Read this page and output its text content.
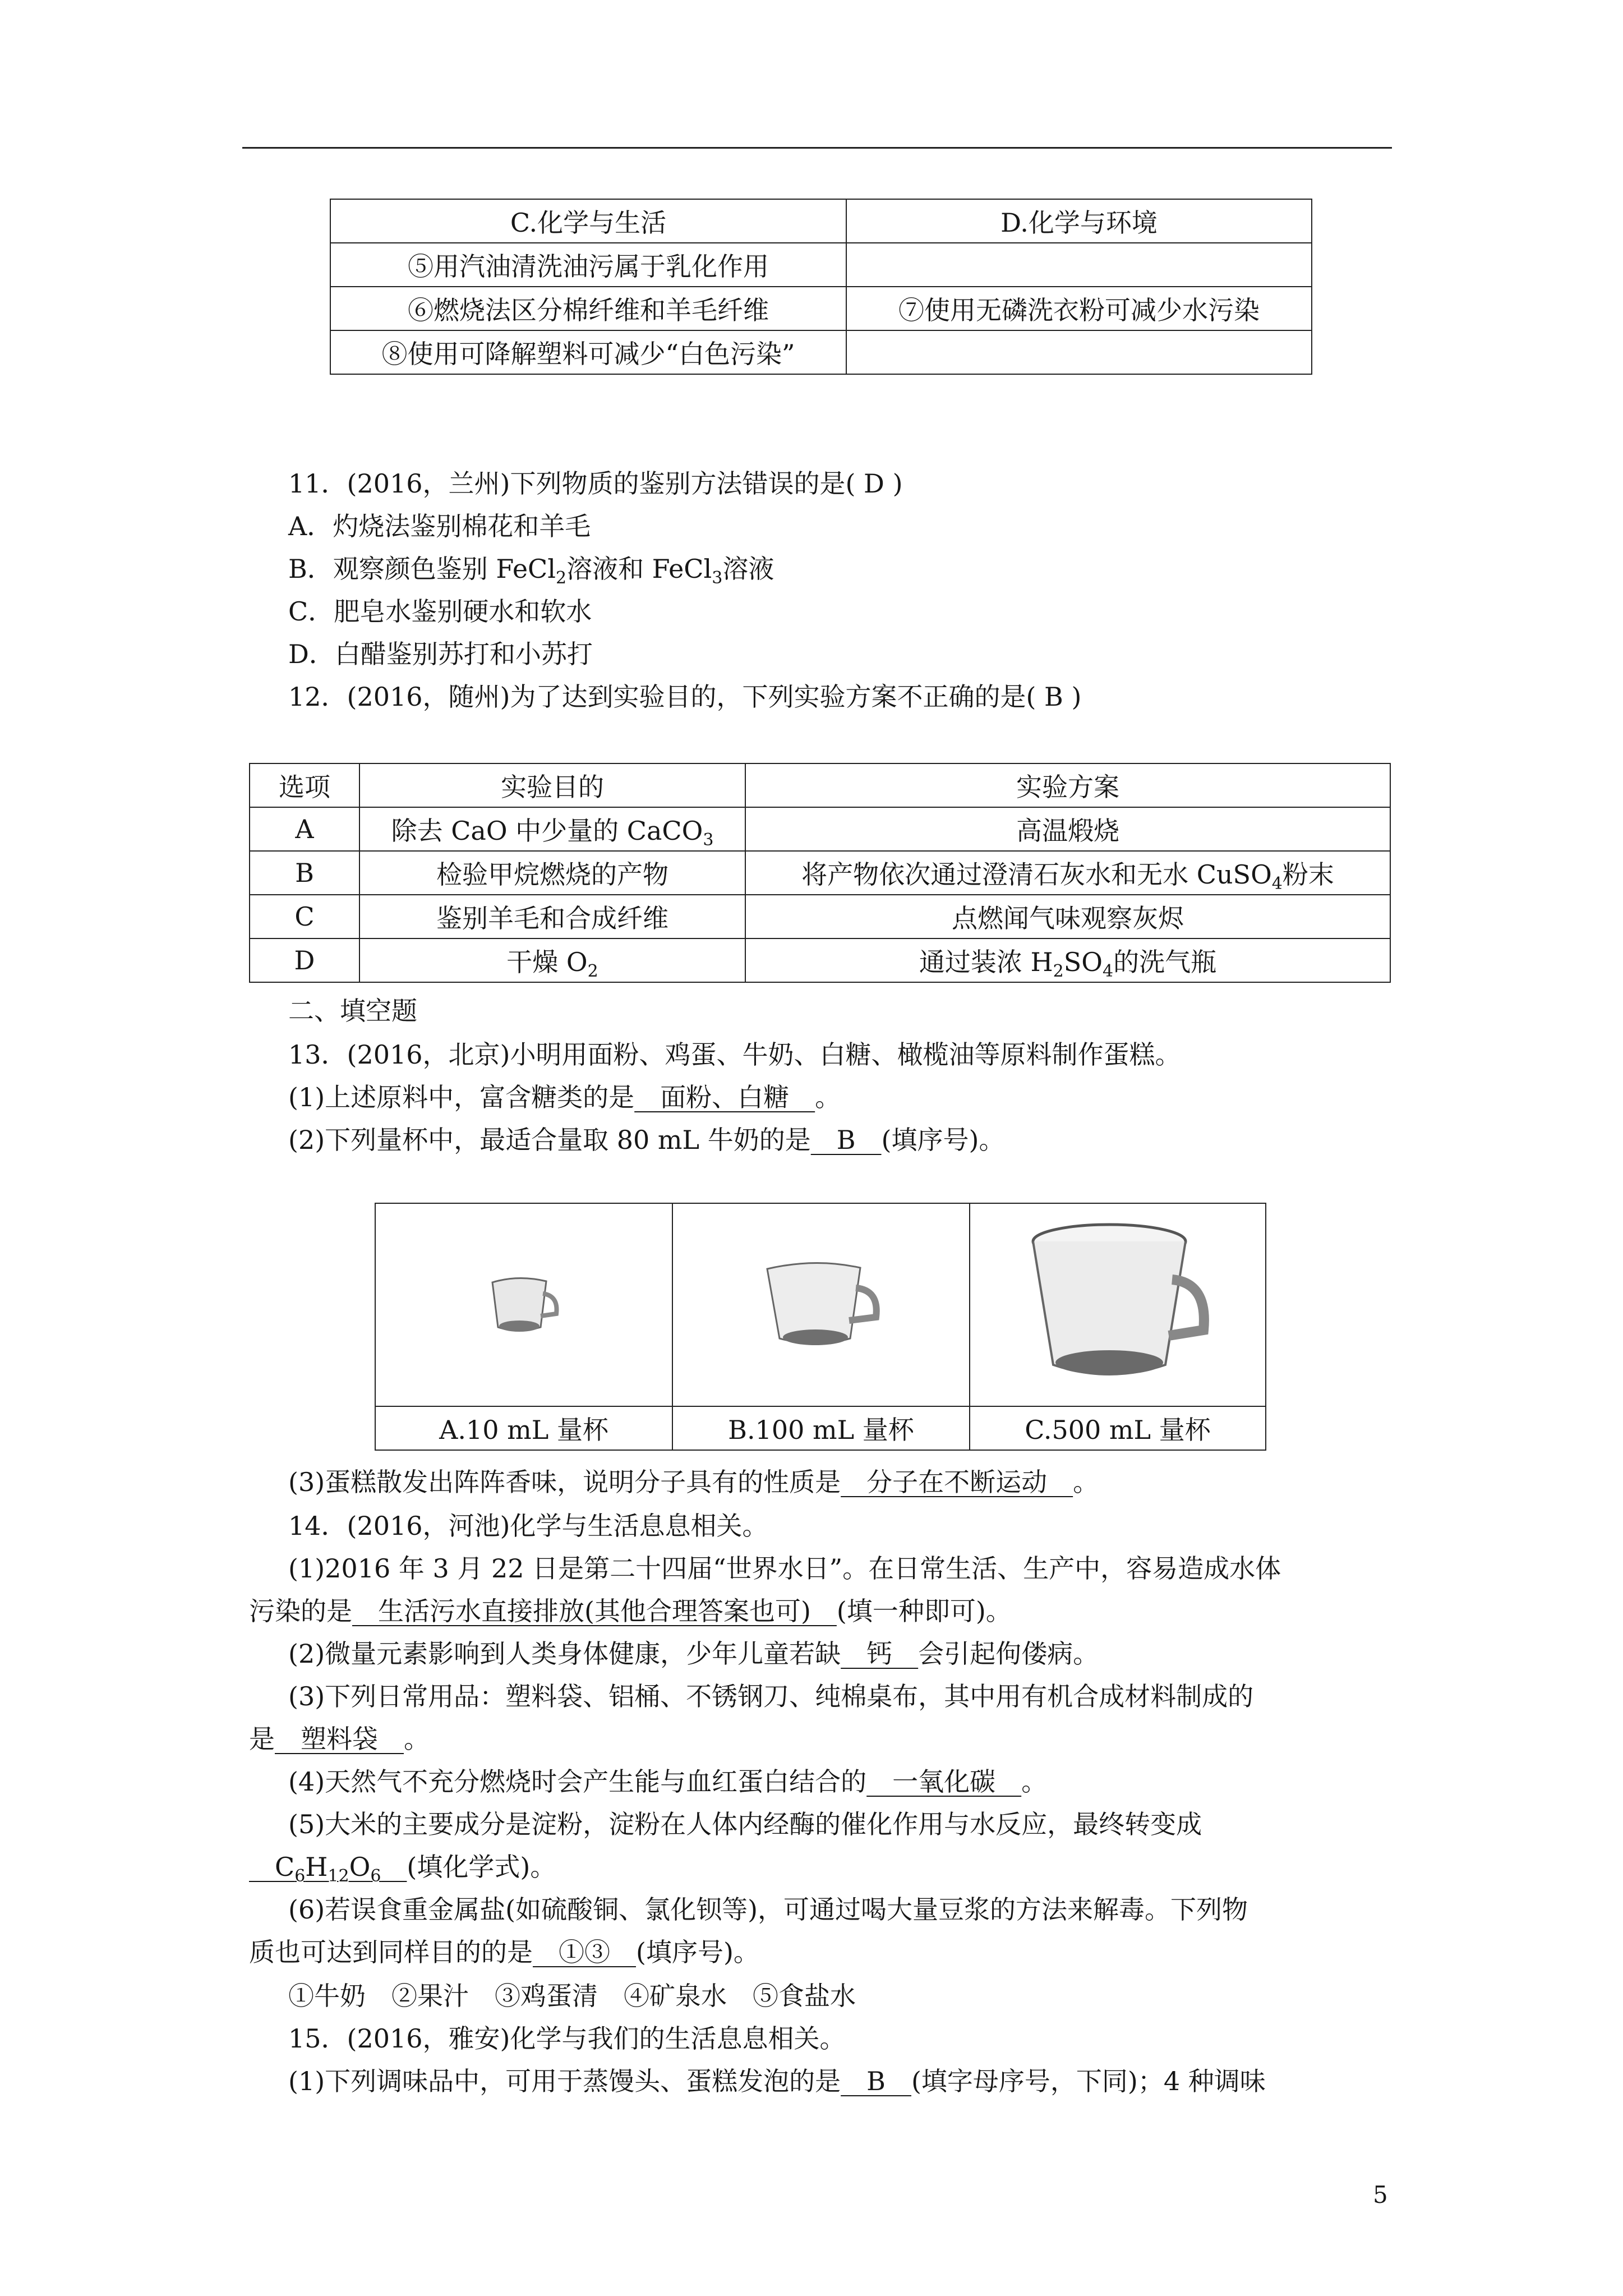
C.化学与生活	D.化学与环境
⑤用汽油清洗油污属于乳化作用	
⑥燃烧法区分棉纤维和羊毛纤维	⑦使用无磷洗衣粉可减少水污染
⑧使用可降解塑料可减少“白色污染”	
11．(2016，兰州)下列物质的鉴别方法错误的是( D )
A．灼烧法鉴别棉花和羊毛
B．观察颜色鉴别 FeCl$_2$溶液和 FeCl$_3$溶液
C．肥皂水鉴别硬水和软水
D．白醋鉴别苏打和小苏打
12．(2016，随州)为了达到实验目的，下列实验方案不正确的是( B )
选项	实验目的	实验方案
A	除去 CaO 中少量的 CaCO$_3$	高温煅烧
B	检验甲烷燃烧的产物	将产物依次通过澄清石灰水和无水 CuSO$_4$粉末
C	鉴别羊毛和合成纤维	点燃闻气味观察灰烬
D	干燥 $O_2$	通过装浓 $H_2SO_4$的洗气瓶
二、填空题
13．(2016，北京)小明用面粉、鸡蛋、牛奶、白糖、橄榄油等原料制作蛋糕。
(1)上述原料中，富含糖类的是　面粉、白糖　。
(2)下列量杯中，最适合量取 80 mL 牛奶的是　B　(填序号)。

A.10 mL 量杯	B.100 mL 量杯	C.500 mL 量杯
(3)蛋糕散发出阵阵香味，说明分子具有的性质是　分子在不断运动　。
14．(2016，河池)化学与生活息息相关。
(1)2016 年 3 月 22 日是第二十四届“世界水日”。在日常生活、生产中，容易造成水体
污染的是　生活污水直接排放(其他合理答案也可)　(填一种即可)。
(2)微量元素影响到人类身体健康，少年儿童若缺　钙　会引起佝偻病。
(3)下列日常用品：塑料袋、铝桶、不锈钢刀、纯棉桌布，其中用有机合成材料制成的
是　塑料袋　。
(4)天然气不充分燃烧时会产生能与血红蛋白结合的　一氧化碳　。
(5)大米的主要成分是淀粉，淀粉在人体内经酶的催化作用与水反应，最终转变成
　$C_6H_{12}O_6$　 (填化学式)。
(6)若误食重金属盐(如硫酸铜、氯化钡等)，可通过喝大量豆浆的方法来解毒。下列物
质也可达到同样目的的是　①③　(填序号)。
①牛奶　②果汁　③鸡蛋清　④矿泉水　⑤食盐水
15．(2016，雅安)化学与我们的生活息息相关。
(1)下列调味品中，可用于蒸馒头、蛋糕发泡的是　B　(填字母序号，下同)；4 种调味
5
